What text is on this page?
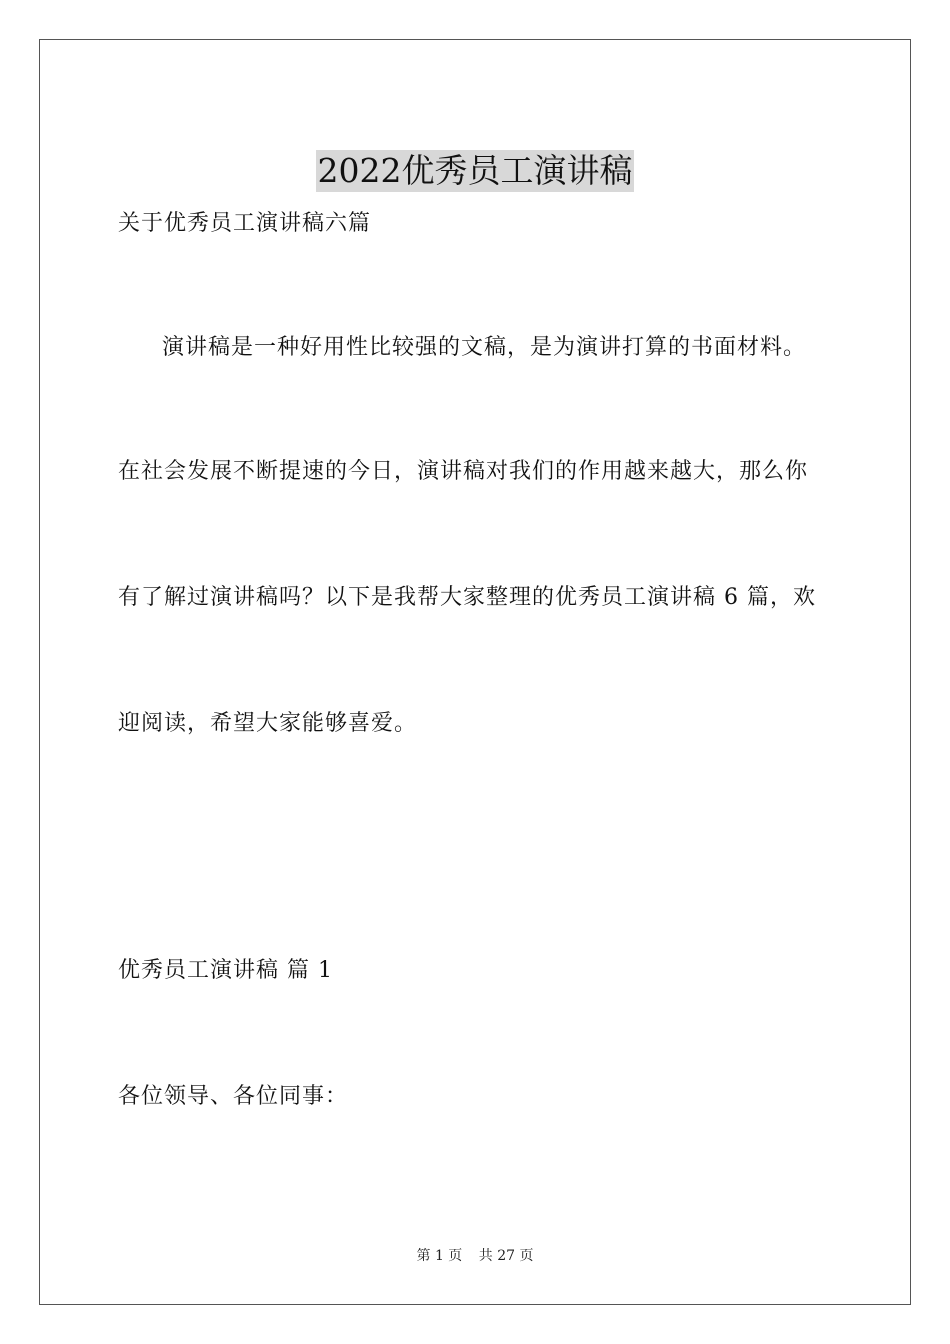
2022优秀员工演讲稿
关于优秀员工演讲稿六篇
演讲稿是一种好用性比较强的文稿，是为演讲打算的书面材料。
在社会发展不断提速的今日，演讲稿对我们的作用越来越大，那么你
有了解过演讲稿吗？以下是我帮大家整理的优秀员工演讲稿 6 篇，欢
迎阅读，希望大家能够喜爱。
优秀员工演讲稿 篇 1
各位领导、各位同事：
第 1 页 共 27 页
